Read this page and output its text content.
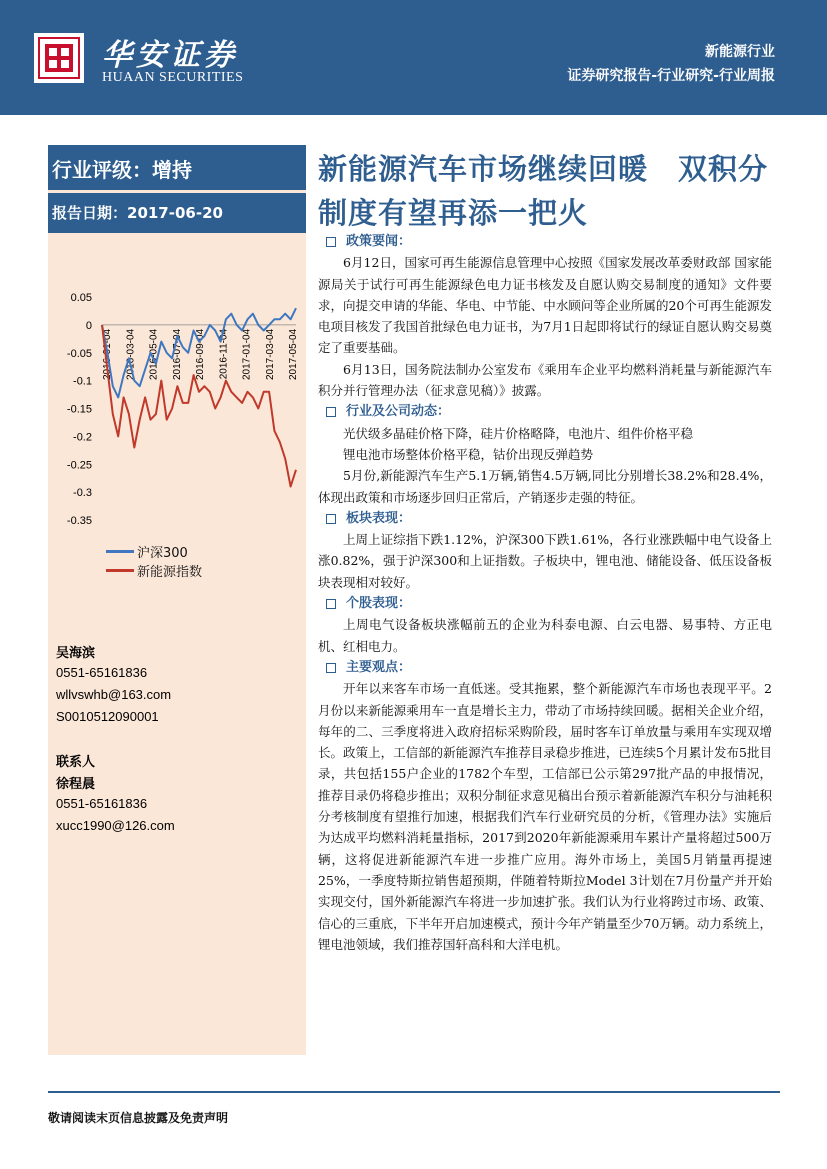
华安证券
HUAAN SECURITIES
新能源行业
证券研究报告-行业研究-行业周报
行业评级：增持
报告日期：2017-06-20
0.05
0
-0.05
-0.1
-0.15
-0.2
-0.25
-0.3
-0.35
2016-01-04 2016-03-04 2016-05-04 2016-07-04 2016-09-04 2016-11-04 2017-01-04 2017-03-04 2017-05-04
沪深300

新能源指数
吴海滨
0551-65161836
wllvswhb@163.com
S0010512090001
联系人
徐程晨
0551-65161836
xucc1990@126.com
新能源汽车市场继续回暖　双积分制度有望再添一把火
政策要闻：

6月12日，国家可再生能源信息管理中心按照《国家发展改革委财政部 国家能源局关于试行可再生能源绿色电力证书核发及自愿认购交易制度的通知》文件要求，向提交申请的华能、华电、中节能、中水顾问等企业所属的20个可再生能源发电项目核发了我国首批绿色电力证书，为7月1日起即将试行的绿证自愿认购交易奠定了重要基础。

6月13日，国务院法制办公室发布《乘用车企业平均燃料消耗量与新能源汽车积分并行管理办法（征求意见稿）》披露。

行业及公司动态：

光伏级多晶硅价格下降，硅片价格略降，电池片、组件价格平稳

锂电池市场整体价格平稳，钴价出现反弹趋势

5月份,新能源汽车生产5.1万辆,销售4.5万辆,同比分别增长38.2%和28.4%，体现出政策和市场逐步回归正常后，产销逐步走强的特征。

板块表现：

上周上证综指下跌1.12%，沪深300下跌1.61%，各行业涨跌幅中电气设备上涨0.82%，强于沪深300和上证指数。子板块中，锂电池、储能设备、低压设备板块表现相对较好。

个股表现：

上周电气设备板块涨幅前五的企业为科泰电源、白云电器、易事特、方正电机、红相电力。

主要观点：

开年以来客车市场一直低迷。受其拖累，整个新能源汽车市场也表现平平。2月份以来新能源乘用车一直是增长主力，带动了市场持续回暖。据相关企业介绍，每年的二、三季度将进入政府招标采购阶段，届时客车订单放量与乘用车实现双增长。政策上，工信部的新能源汽车推荐目录稳步推进，已连续5个月累计发布5批目录，共包括155户企业的1782个车型，工信部已公示第297批产品的申报情况，推荐目录仍将稳步推出；双积分制征求意见稿出台预示着新能源汽车积分与油耗积分考核制度有望推行加速，根据我们汽车行业研究员的分析，《管理办法》实施后为达成平均燃料消耗量指标，2017到2020年新能源乘用车累计产量将超过500万辆，这将促进新能源汽车进一步推广应用。海外市场上，美国5月销量再提速25%，一季度特斯拉销售超预期，伴随着特斯拉Model 3计划在7月份量产并开始实现交付，国外新能源汽车将进一步加速扩张。我们认为行业将跨过市场、政策、信心的三重底，下半年开启加速模式，预计今年产销量至少70万辆。动力系统上，锂电池领域，我们推荐国轩高科和大洋电机。

敬请阅读末页信息披露及免责声明
